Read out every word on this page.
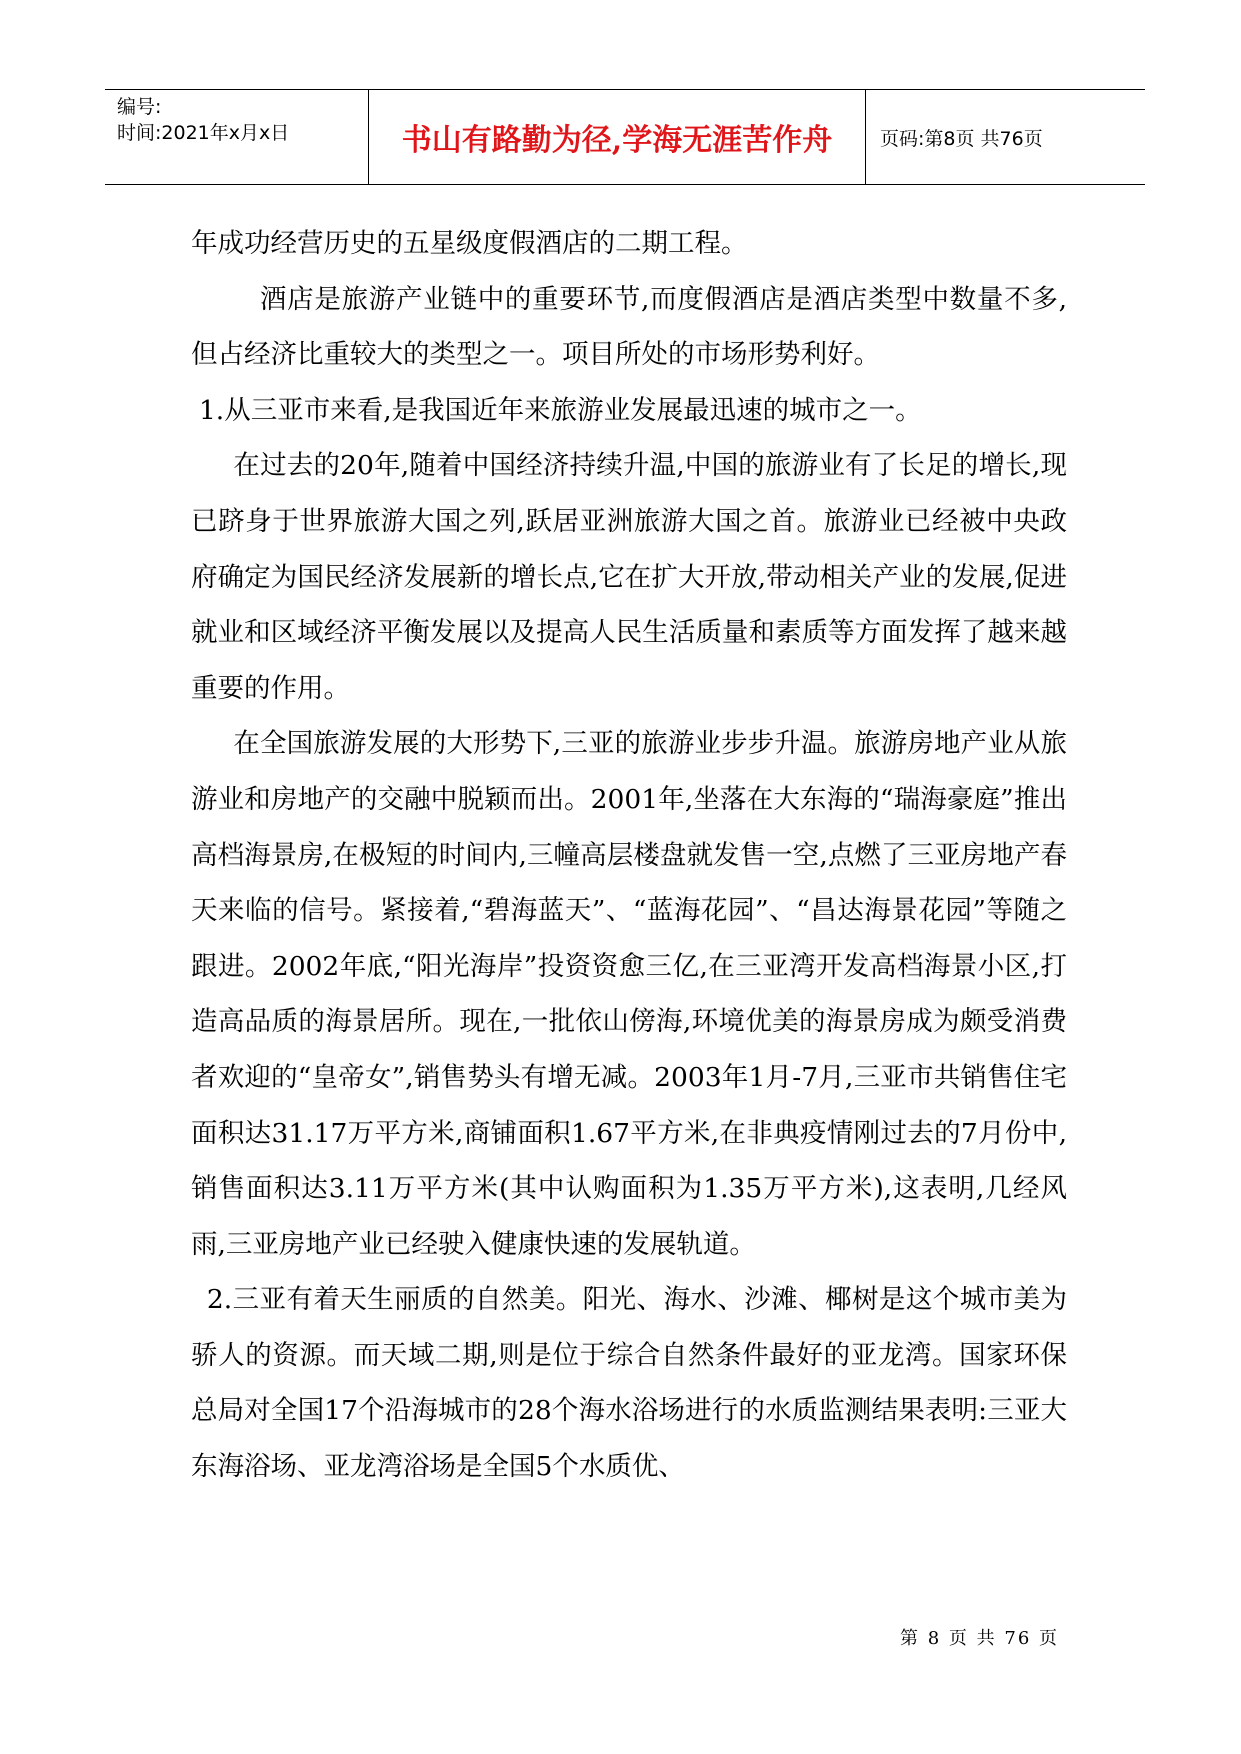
编号:
时间:2021年x月x日	书山有路勤为径,学海无涯苦作舟	页码:第8页 共76页

年成功经营历史的五星级度假酒店的二期工程。

酒店是旅游产业链中的重要环节,而度假酒店是酒店类型中数量不多,但占经济比重较大的类型之一。项目所处的市场形势利好。

1.从三亚市来看,是我国近年来旅游业发展最迅速的城市之一。

在过去的20年,随着中国经济持续升温,中国的旅游业有了长足的增长,现已跻身于世界旅游大国之列,跃居亚洲旅游大国之首。旅游业已经被中央政府确定为国民经济发展新的增长点,它在扩大开放,带动相关产业的发展,促进就业和区域经济平衡发展以及提高人民生活质量和素质等方面发挥了越来越重要的作用。

在全国旅游发展的大形势下,三亚的旅游业步步升温。旅游房地产业从旅游业和房地产的交融中脱颖而出。2001年,坐落在大东海的“瑞海豪庭”推出高档海景房,在极短的时间内,三幢高层楼盘就发售一空,点燃了三亚房地产春天来临的信号。紧接着,“碧海蓝天”、“蓝海花园”、“昌达海景花园”等随之跟进。2002年底,“阳光海岸”投资资愈三亿,在三亚湾开发高档海景小区,打造高品质的海景居所。现在,一批依山傍海,环境优美的海景房成为颇受消费者欢迎的“皇帝女”,销售势头有增无减。2003年1月-7月,三亚市共销售住宅面积达31.17万平方米,商铺面积1.67平方米,在非典疫情刚过去的7月份中,销售面积达3.11万平方米(其中认购面积为1.35万平方米),这表明,几经风雨,三亚房地产业已经驶入健康快速的发展轨道。

2.三亚有着天生丽质的自然美。阳光、海水、沙滩、椰树是这个城市美为骄人的资源。而天域二期,则是位于综合自然条件最好的亚龙湾。国家环保总局对全国17个沿海城市的28个海水浴场进行的水质监测结果表明:三亚大东海浴场、亚龙湾浴场是全国5个水质优、

第 8 页 共 76 页
